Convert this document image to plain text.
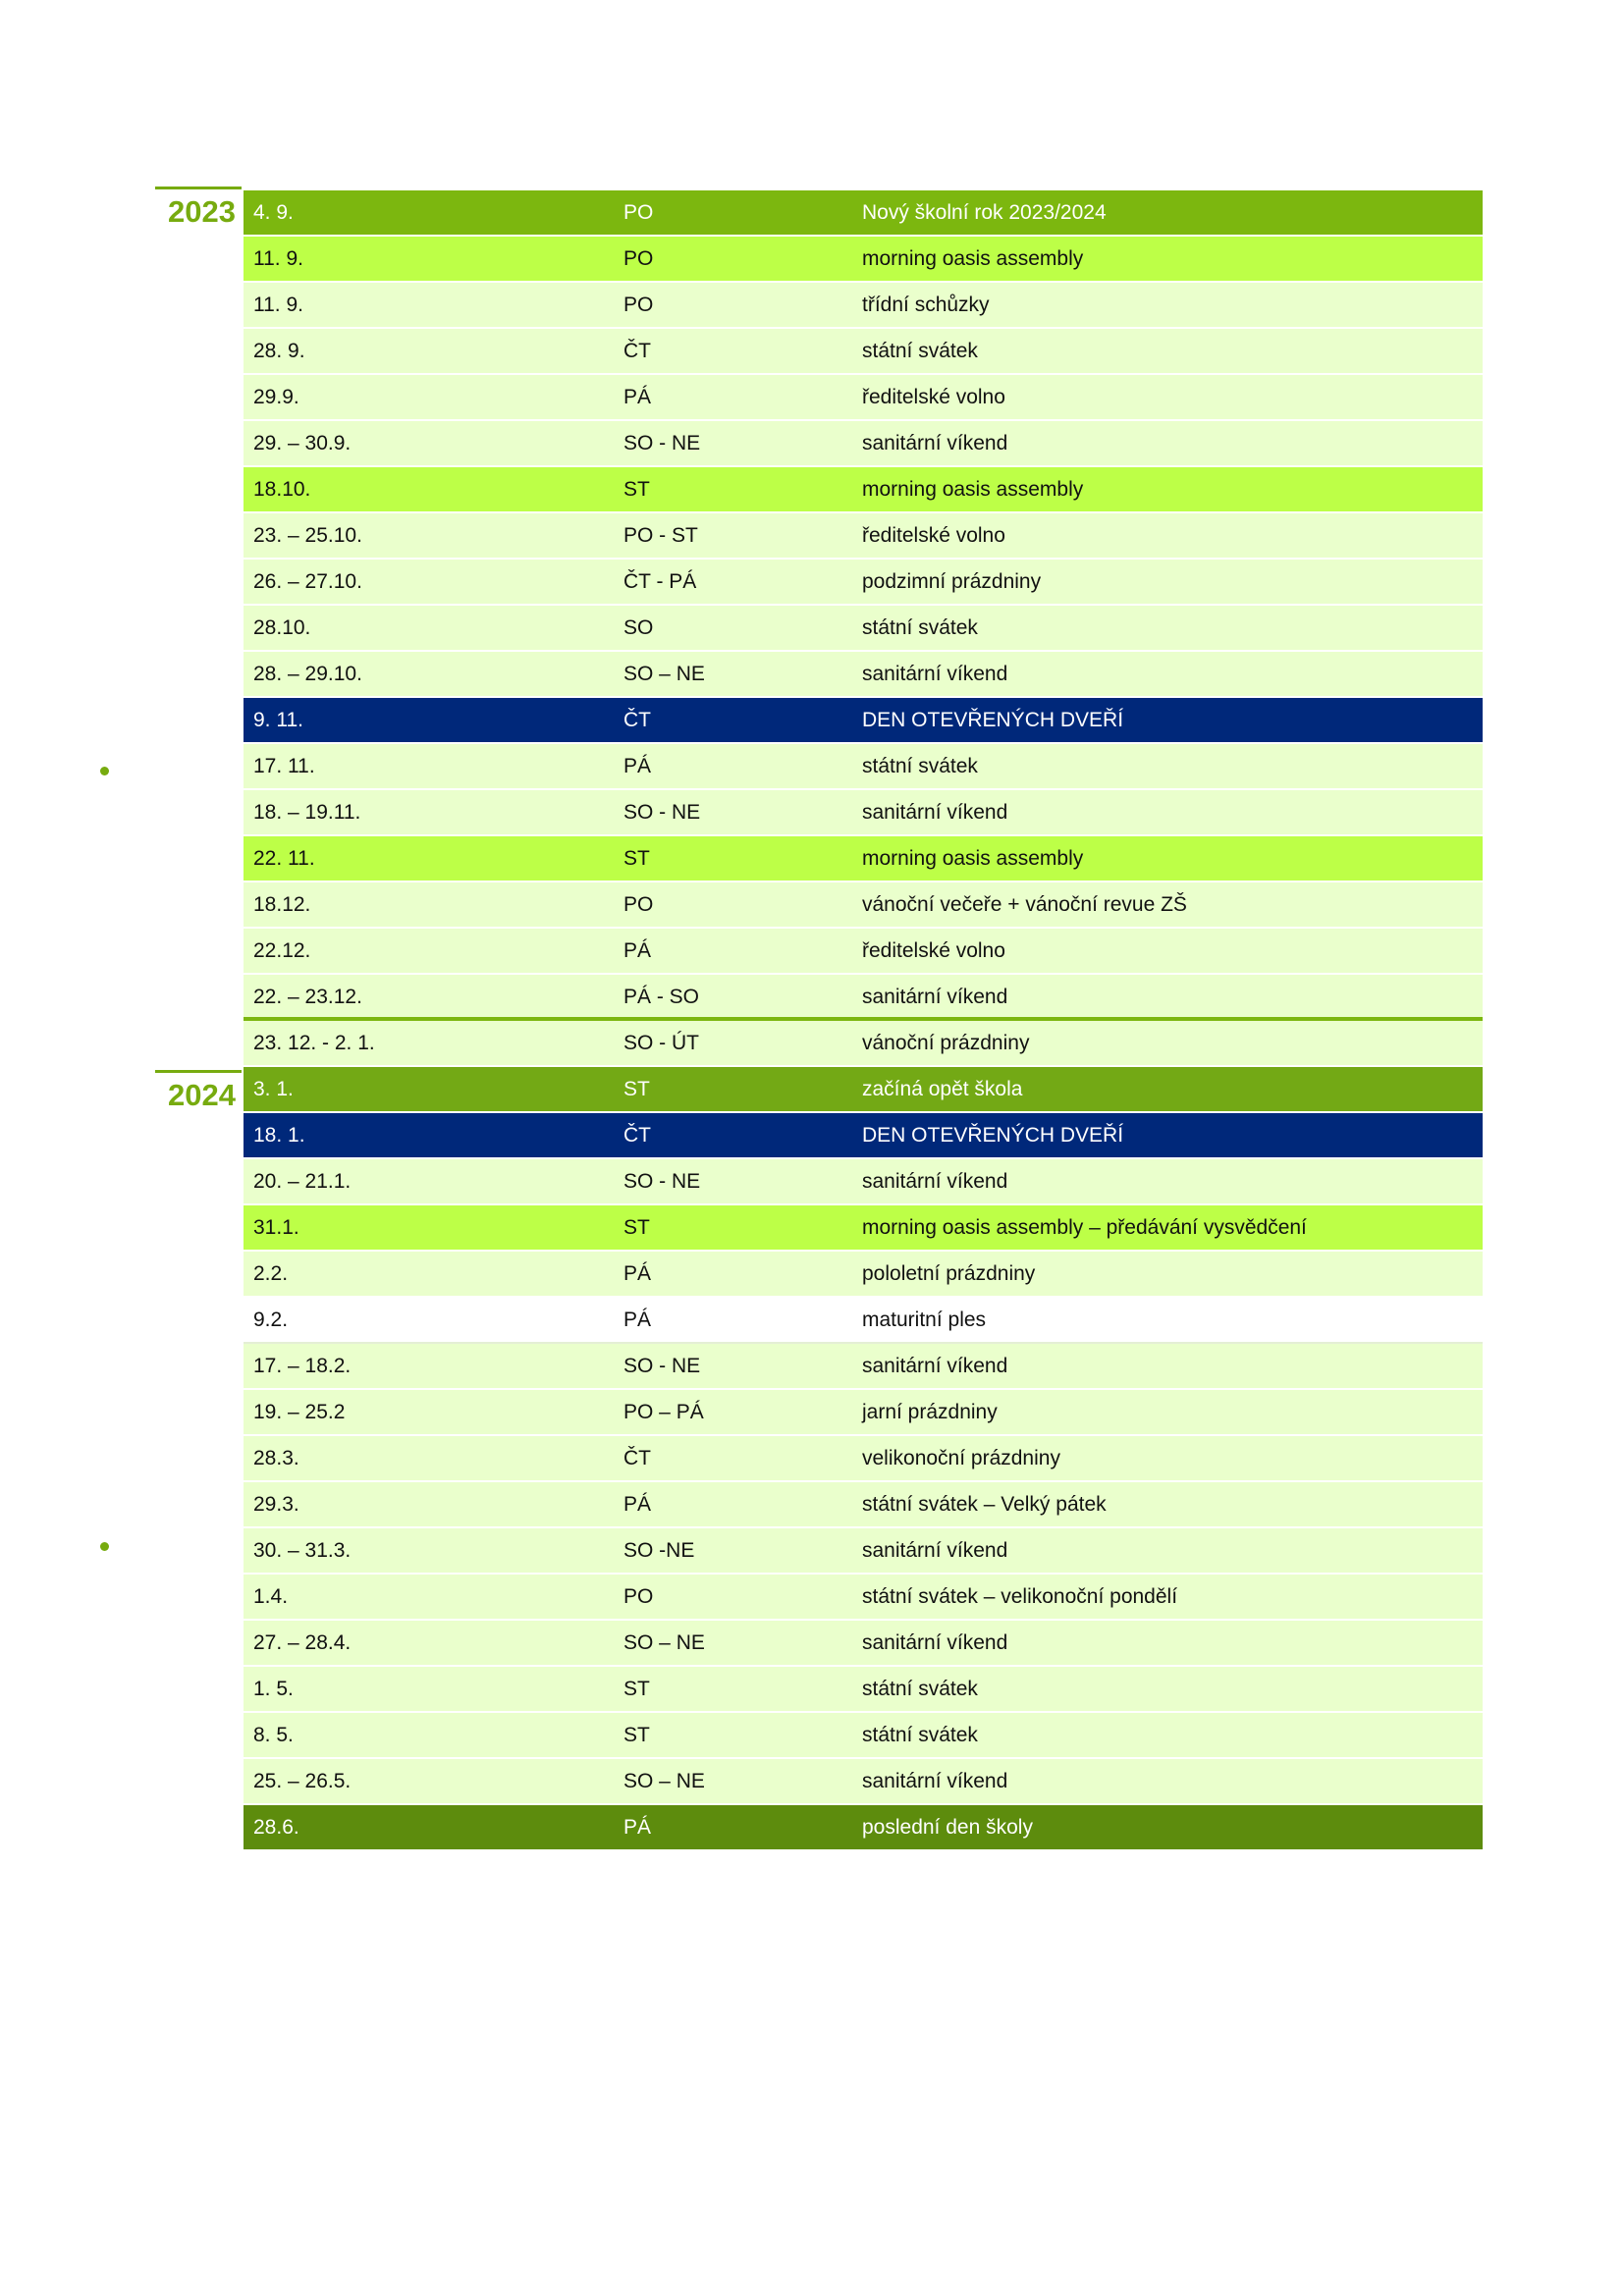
2023
2024
4. 9.	PO	Nový školní rok 2023/2024
11. 9.	PO	morning oasis assembly
11. 9.	PO	třídní schůzky
28. 9.	ČT	státní svátek
29.9.	PÁ	ředitelské volno
29. – 30.9.	SO - NE	sanitární víkend
18.10.	ST	morning oasis assembly
23. – 25.10.	PO - ST	ředitelské volno
26. – 27.10.	ČT - PÁ	podzimní prázdniny
28.10.	SO	státní svátek
28. – 29.10.	SO – NE	sanitární víkend
9. 11.	ČT	DEN OTEVŘENÝCH DVEŘÍ
17. 11.	PÁ	státní svátek
18. – 19.11.	SO - NE	sanitární víkend
22. 11.	ST	morning oasis assembly
18.12.	PO	vánoční večeře + vánoční revue ZŠ
22.12.	PÁ	ředitelské volno
22. – 23.12.	PÁ - SO	sanitární víkend
23. 12. - 2. 1.	SO - ÚT	vánoční prázdniny
3. 1.	ST	začíná opět škola
18. 1.	ČT	DEN OTEVŘENÝCH DVEŘÍ
20. – 21.1.	SO - NE	sanitární víkend
31.1.	ST	morning oasis assembly – předávání vysvědčení
2.2.	PÁ	pololetní prázdniny
9.2.	PÁ	maturitní ples
17. – 18.2.	SO - NE	sanitární víkend
19. – 25.2	PO – PÁ	jarní prázdniny
28.3.	ČT	velikonoční prázdniny
29.3.	PÁ	státní svátek – Velký pátek
30. – 31.3.	SO -NE	sanitární víkend
1.4.	PO	státní svátek – velikonoční pondělí
27. – 28.4.	SO – NE	sanitární víkend
1. 5.	ST	státní svátek
8. 5.	ST	státní svátek
25. – 26.5.	SO – NE	sanitární víkend
28.6.	PÁ	poslední den školy
